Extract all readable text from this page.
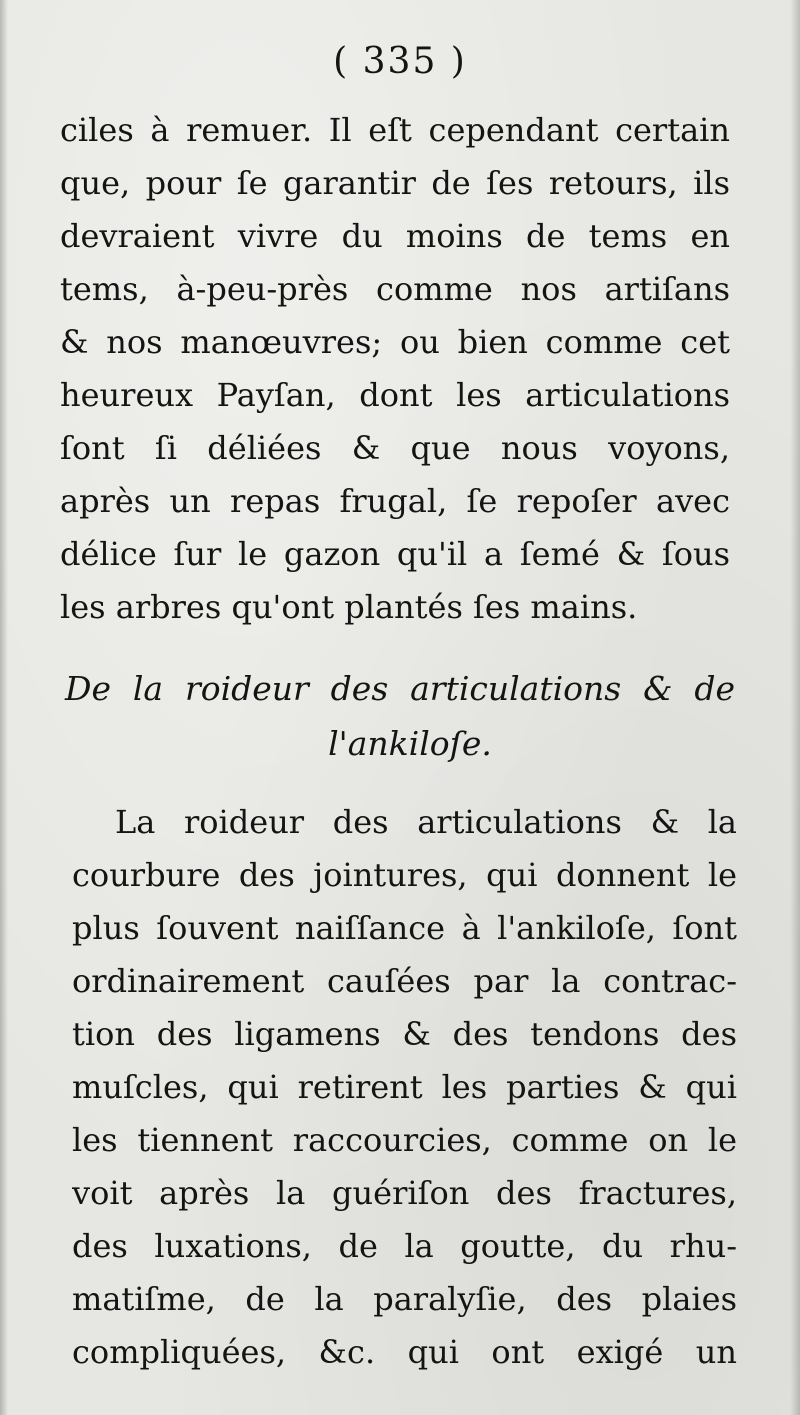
( 335 )
ciles à remuer. Il eſt cependant certain
que, pour ſe garantir de ſes retours, ils
devraient vivre du moins de tems en
tems, à-peu-près comme nos artiſans
& nos manœuvres; ou bien comme cet
heureux Payſan, dont les articulations
ſont ſi déliées & que nous voyons,
après un repas frugal, ſe repoſer avec
délice ſur le gazon qu'il a ſemé & ſous
les arbres qu'ont plantés ſes mains.
De la roideur des articulations & de
l'ankiloſe.
La roideur des articulations & la
courbure des jointures, qui donnent le
plus ſouvent naiſſance à l'ankiloſe, ſont
ordinairement cauſées par la contrac-
tion des ligamens & des tendons des
muſcles, qui retirent les parties & qui
les tiennent raccourcies, comme on le
voit après la guériſon des fractures,
des luxations, de la goutte, du rhu-
matiſme, de la paralyſie, des plaies
compliquées, &c. qui ont exigé un
